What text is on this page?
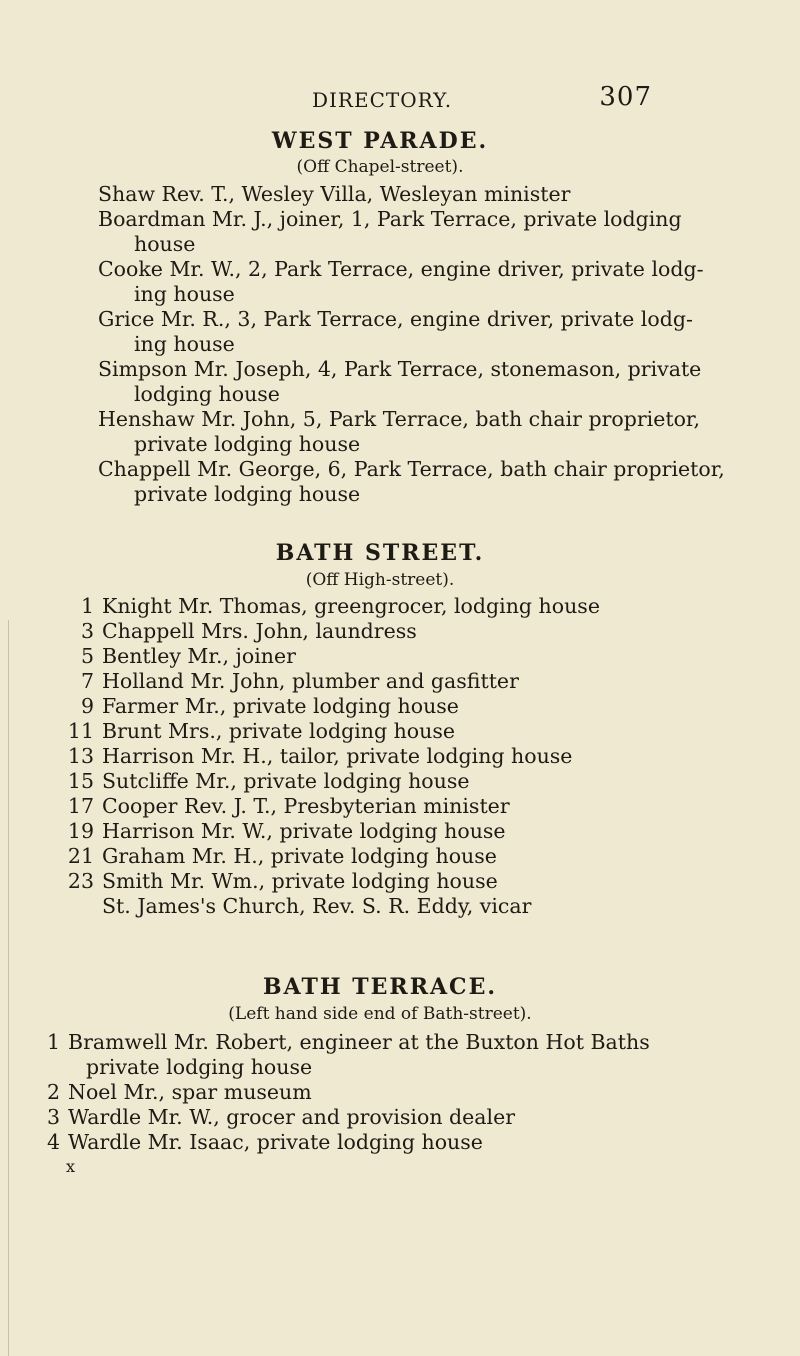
DIRECTORY.	307
WEST PARADE.
(Off Chapel-street).
Shaw Rev. T., Wesley Villa, Wesleyan minister
Boardman Mr. J., joiner, 1, Park Terrace, private lodging
house
Cooke Mr. W., 2, Park Terrace, engine driver, private lodg-
ing house
Grice Mr. R., 3, Park Terrace, engine driver, private lodg-
ing house
Simpson Mr. Joseph, 4, Park Terrace, stonemason, private
lodging house
Henshaw Mr. John, 5, Park Terrace, bath chair proprietor,
private lodging house
Chappell Mr. George, 6, Park Terrace, bath chair proprietor,
private lodging house
BATH STREET.
(Off High-street).
1 Knight Mr. Thomas, greengrocer, lodging house
3 Chappell Mrs. John, laundress
5 Bentley Mr., joiner
7 Holland Mr. John, plumber and gasfitter
9 Farmer Mr., private lodging house
11 Brunt Mrs., private lodging house
13 Harrison Mr. H., tailor, private lodging house
15 Sutcliffe Mr., private lodging house
17 Cooper Rev. J. T., Presbyterian minister
19 Harrison Mr. W., private lodging house
21 Graham Mr. H., private lodging house
23 Smith Mr. Wm., private lodging house
St. James's Church, Rev. S. R. Eddy, vicar
BATH TERRACE.
(Left hand side end of Bath-street).
1 Bramwell Mr. Robert, engineer at the Buxton Hot Baths
private lodging house
2 Noel Mr., spar museum
3 Wardle Mr. W., grocer and provision dealer
4 Wardle Mr. Isaac, private lodging house
x
